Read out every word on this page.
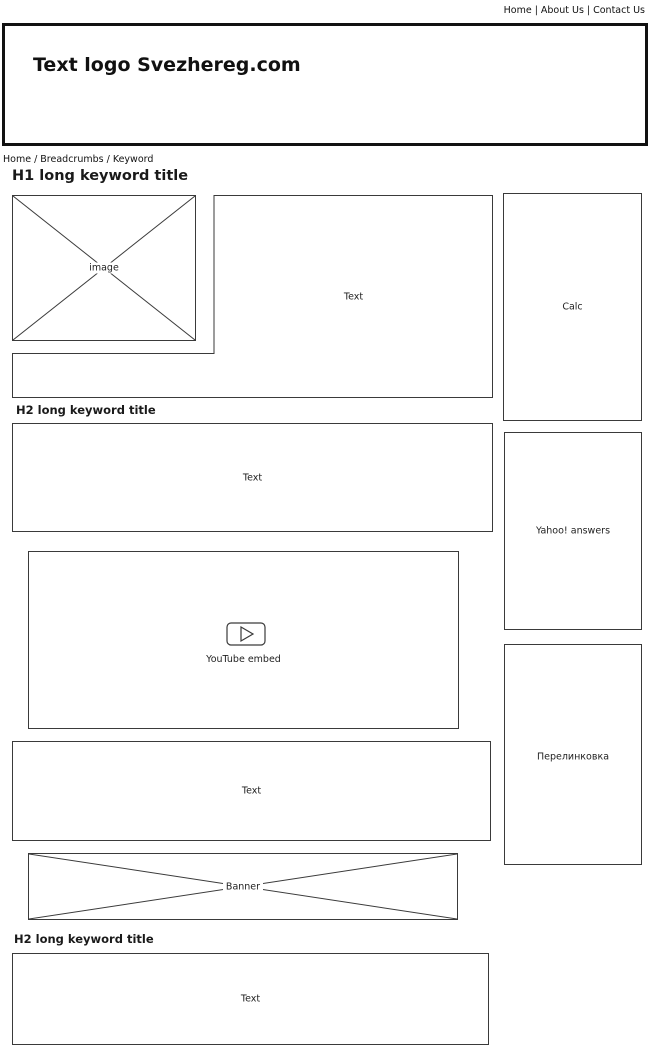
Home | About Us | Contact Us
Text logo Svezhereg.com
Home / Breadcrumbs / Keyword
H1 long keyword title
Text
image
H2 long keyword title
Text
YouTube embed
Text
Banner
H2 long keyword title
Text
Calc
Yahoo! answers
Перелинковка
